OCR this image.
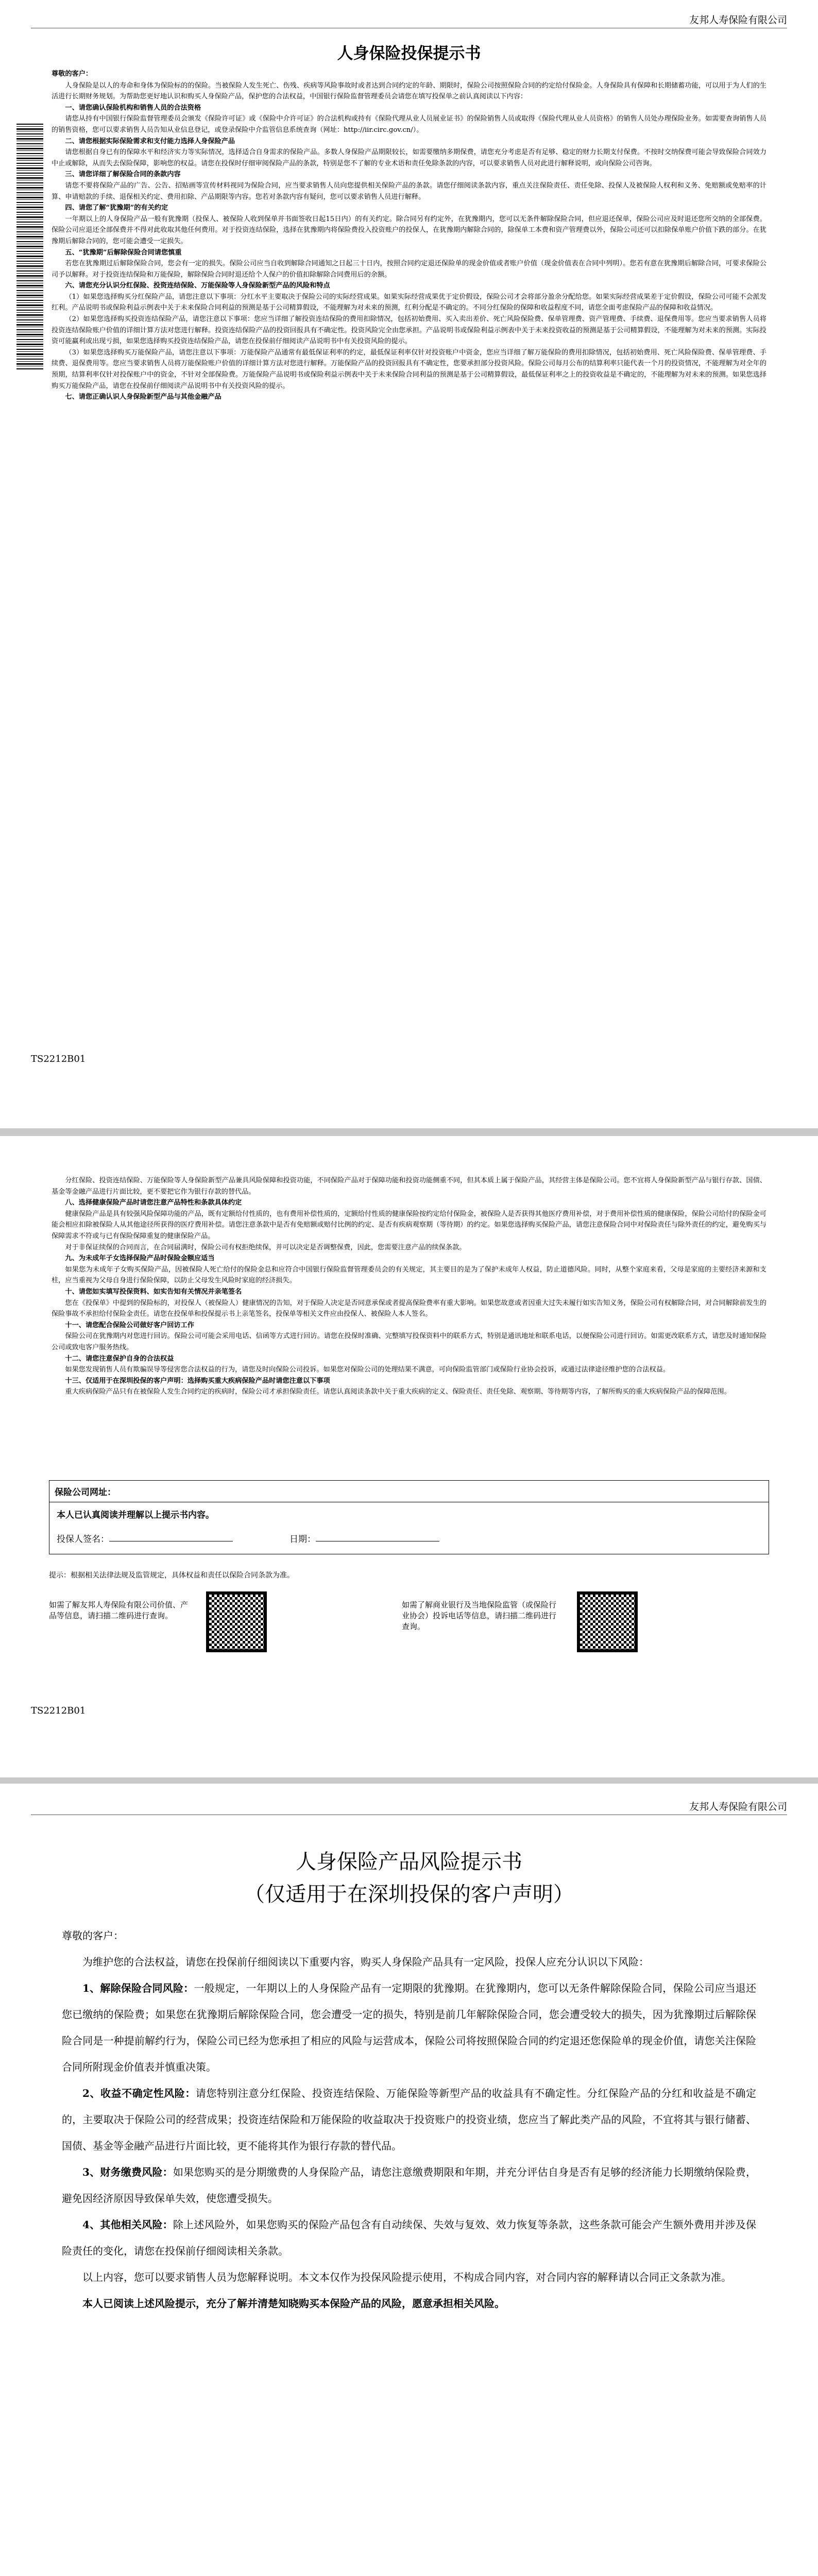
友邦人寿保险有限公司
人身保险投保提示书

尊敬的客户：

人身保险是以人的寿命和身体为保险标的的保险。当被保险人发生死亡、伤残、疾病等风险事故时或者达到合同约定的年龄、期限时，保险公司按照保险合同的约定给付保险金。人身保险具有保障和长期储蓄功能，可以用于为人们的生活进行长期财务规划。为帮助您更好地认识和购买人身保险产品，保护您的合法权益，中国银行保险监督管理委员会请您在填写投保单之前认真阅读以下内容：

一、请您确认保险机构和销售人员的合法资格

请您从持有中国银行保险监督管理委员会颁发《保险许可证》或《保险中介许可证》的合法机构或持有《保险代理从业人员展业证书》的保险销售人员或取得《保险代理从业人员资格》的销售人员处办理保险业务。如需要查询销售人员的销售资格，您可以要求销售人员告知从业信息登记，或登录保险中介监管信息系统查询（网址：http://iir.circ.gov.cn/）。

二、请您根据实际保险需求和支付能力选择人身保险产品

请您根据自身已有的保障水平和经济实力等实际情况，选择适合自身需求的保险产品。多数人身保险产品期限较长，如需要缴纳多期保费，请您充分考虑是否有足够、稳定的财力长期支付保费。不按时交纳保费可能会导致保险合同效力中止或解除，从而失去保险保障，影响您的权益。请您在投保时仔细审阅保险产品的条款，特别是您不了解的专业术语和责任免除条款的内容，可以要求销售人员对此进行解释说明，或向保险公司咨询。

三、请您详细了解保险合同的条款内容

请您不要将保险产品的广告、公告、招贴画等宣传材料视同为保险合同，应当要求销售人员向您提供相关保险产品的条款。请您仔细阅读条款内容，重点关注保险责任、责任免除、投保人及被保险人权利和义务、免赔额或免赔率的计算、申请赔款的手续、退保相关约定、费用扣除、产品期限等内容。您若对条款内容有疑问，您可以要求销售人员进行解释。

四、请您了解“犹豫期”的有关约定

一年期以上的人身保险产品一般有犹豫期（投保人、被保险人收到保单并书面签收日起15日内）的有关约定。除合同另有约定外，在犹豫期内，您可以无条件解除保险合同，但应退还保单，保险公司应及时退还您所交纳的全部保费。保险公司应退还全部保费并不得对此收取其他任何费用。对于投资连结保险，选择在犹豫期内将保险费投入投资账户的投保人，在犹豫期内解除合同的，除保单工本费和资产管理费以外，保险公司还可以扣除保单账户价值下跌的部分。在犹豫期后解除合同的，您可能会遭受一定损失。

五、“犹豫期”后解除保险合同请您慎重

若您在犹豫期过后解除保险合同，您会有一定的损失。保险公司应当自收到解除合同通知之日起三十日内，按照合同约定退还保险单的现金价值或者账户价值（现金价值表在合同中列明）。您若有意在犹豫期后解除合同，可要求保险公司予以解释。对于投资连结保险和万能保险，解除保险合同时退还给个人保户的价值扣除解除合同费用后的余额。

六、请您充分认识分红保险、投资连结保险、万能保险等人身保险新型产品的风险和特点

（1）如果您选择购买分红保险产品，请您注意以下事项：分红水平主要取决于保险公司的实际经营成果。如果实际经营成果优于定价假设，保险公司才会将部分盈余分配给您。如果实际经营成果差于定价假设，保险公司可能不会派发红利。产品说明书或保险利益示例表中关于未来保险合同利益的预测是基于公司精算假设，不能理解为对未来的预测，红利分配是不确定的。不同分红保险的保障和收益程度不同，请您全面考虑保险产品的保障和收益情况。

（2）如果您选择购买投资连结保险产品，请您注意以下事项：您应当详细了解投资连结保险的费用扣除情况，包括初始费用、买入卖出差价、死亡风险保险费、保单管理费、资产管理费、手续费、退保费用等。您应当要求销售人员将投资连结保险账户价值的详细计算方法对您进行解释。投资连结保险产品的投资回报具有不确定性。投资风险完全由您承担。产品说明书或保险利益示例表中关于未来投资收益的预测是基于公司精算假设，不能理解为对未来的预测。实际投资可能赢利或出现亏损，如果您选择购买投资连结保险产品，请您在投保前仔细阅读产品说明书中有关投资风险的提示。

（3）如果您选择购买万能保险产品，请您注意以下事项：万能保险产品通常有最低保证利率的约定，最低保证利率仅针对投资账户中资金，您应当详细了解万能保险的费用扣除情况，包括初始费用、死亡风险保险费、保单管理费、手续费、退保费用等。您应当要求销售人员将万能保险账户价值的详细计算方法对您进行解释。万能保险产品的投资回报具有不确定性，您要承担部分投资风险。保险公司每月公布的结算利率只能代表一个月的投资情况，不能理解为对全年的预期，结算利率仅针对投保账户中的资金，不针对全部保险费。万能保险产品说明书或保险利益示例表中关于未来保险合同利益的预测是基于公司精算假设，最低保证利率之上的投资收益是不确定的，不能理解为对未来的预测。如果您选择购买万能保险产品，请您在投保前仔细阅读产品说明书中有关投资风险的提示。

七、请您正确认识人身保险新型产品与其他金融产品

TS2212B01

分红保险、投资连结保险、万能保险等人身保险新型产品兼具风险保障和投资功能，不同保险产品对于保障功能和投资功能侧重不同，但其本质上属于保险产品，其经营主体是保险公司。您不宜将人身保险新型产品与银行存款、国债、基金等金融产品进行片面比较，更不要把它作为银行存款的替代品。

八、选择健康保险产品时请您注意产品特性和条款具体约定

健康保险产品是具有较强风险保障功能的产品，既有定额给付性质的，也有费用补偿性质的，定额给付性质的健康保险按约定给付保险金，被保险人是否获得其他医疗费用补偿，对于费用补偿性质的健康保险，保险公司给付的保险金可能会相应扣除被保险人从其他途径所获得的医疗费用补偿。请您注意条款中是否有免赔额或赔付比例的约定、是否有疾病观察期（等待期）的约定。如果您选择购买保险产品，请您注意保险合同中对保险责任与除外责任的约定，避免购买与保障需求不符或与已有保险保障重复的健康保险产品。

对于非保证续保的合同而言，在合同届满时，保险公司有权拒绝续保，并可以决定是否调整保费，因此，您需要注意产品的续保条款。

九、为未成年子女选择保险产品时保险金额应适当

如果您为未成年子女购买保险产品，因被保险人死亡给付的保险金总和应符合中国银行保险监督管理委员会的有关规定，其主要目的是为了保护未成年人权益，防止道德风险。同时，从整个家庭来看，父母是家庭的主要经济来源和支柱，应当重视为父母自身进行保险保障，以防止父母发生风险时家庭的经济损失。

十、请您如实填写投保资料、如实告知有关情况并亲笔签名

您在《投保单》中提到的保险标的，对投保人（被保险人）健康情况的告知，对于保险人决定是否同意承保或者提高保险费率有重大影响。如果您故意或者因重大过失未履行如实告知义务，保险公司有权解除合同，对合同解除前发生的保险事故不承担给付保险金责任。请您在投保单和投保提示书上亲笔签名，投保单等相关文件应由投保人、被保险人本人签名。

十一、请您配合保险公司做好客户回访工作

保险公司在犹豫期内对您进行回访。保险公司可能会采用电话、信函等方式进行回访。请您在投保时准确、完整填写投保资料中的联系方式，特别是通讯地址和联系电话，以便保险公司进行回访。如需更改联系方式，请您及时通知保险公司或致电客户服务热线。

十二、请您注意保护自身的合法权益

如果您发现销售人员有欺骗误导等侵害您合法权益的行为，请您及时向保险公司投诉。如果您对保险公司的处理结果不满意，可向保险监管部门或保险行业协会投诉，或通过法律途径维护您的合法权益。

十三、仅适用于在深圳投保的客户声明：选择购买重大疾病保险产品时请您注意以下事项

重大疾病保险产品只有在被保险人发生合同约定的疾病时，保险公司才承担保险责任。请您认真阅读条款中关于重大疾病的定义、保险责任、责任免除、观察期、等待期等内容，了解所购买的重大疾病保险产品的保障范围。

保险公司网址：
本人已认真阅读并理解以上提示书内容。
投保人签名：	日期：
提示：根据相关法律法规及监管规定，具体权益和责任以保险合同条款为准。
如需了解友邦人寿保险有限公司价值、产品等信息，请扫描二维码进行查询。
如需了解商业银行及当地保险监管（或保险行业协会）投诉电话等信息，请扫描二维码进行查询。
TS2212B01
友邦人寿保险有限公司
人身保险产品风险提示书
（仅适用于在深圳投保的客户声明）

尊敬的客户：

为维护您的合法权益，请您在投保前仔细阅读以下重要内容，购买人身保险产品具有一定风险，投保人应充分认识以下风险：

1、解除保险合同风险：一般规定，一年期以上的人身保险产品有一定期限的犹豫期。在犹豫期内，您可以无条件解除保险合同，保险公司应当退还您已缴纳的保险费；如果您在犹豫期后解除保险合同，您会遭受一定的损失，特别是前几年解除保险合同，您会遭受较大的损失，因为犹豫期过后解除保险合同是一种提前解约行为，保险公司已经为您承担了相应的风险与运营成本，保险公司将按照保险合同的约定退还您保险单的现金价值，请您关注保险合同所附现金价值表并慎重决策。

2、收益不确定性风险：请您特别注意分红保险、投资连结保险、万能保险等新型产品的收益具有不确定性。分红保险产品的分红和收益是不确定的，主要取决于保险公司的经营成果；投资连结保险和万能保险的收益取决于投资账户的投资业绩，您应当了解此类产品的风险，不宜将其与银行储蓄、国债、基金等金融产品进行片面比较，更不能将其作为银行存款的替代品。

3、财务缴费风险：如果您购买的是分期缴费的人身保险产品，请您注意缴费期限和年期，并充分评估自身是否有足够的经济能力长期缴纳保险费，避免因经济原因导致保单失效，使您遭受损失。

4、其他相关风险：除上述风险外，如果您购买的保险产品包含有自动续保、失效与复效、效力恢复等条款，这些条款可能会产生额外费用并涉及保险责任的变化，请您在投保前仔细阅读相关条款。

以上内容，您可以要求销售人员为您解释说明。本文本仅作为投保风险提示使用，不构成合同内容，对合同内容的解释请以合同正文条款为准。

本人已阅读上述风险提示，充分了解并清楚知晓购买本保险产品的风险，愿意承担相关风险。
